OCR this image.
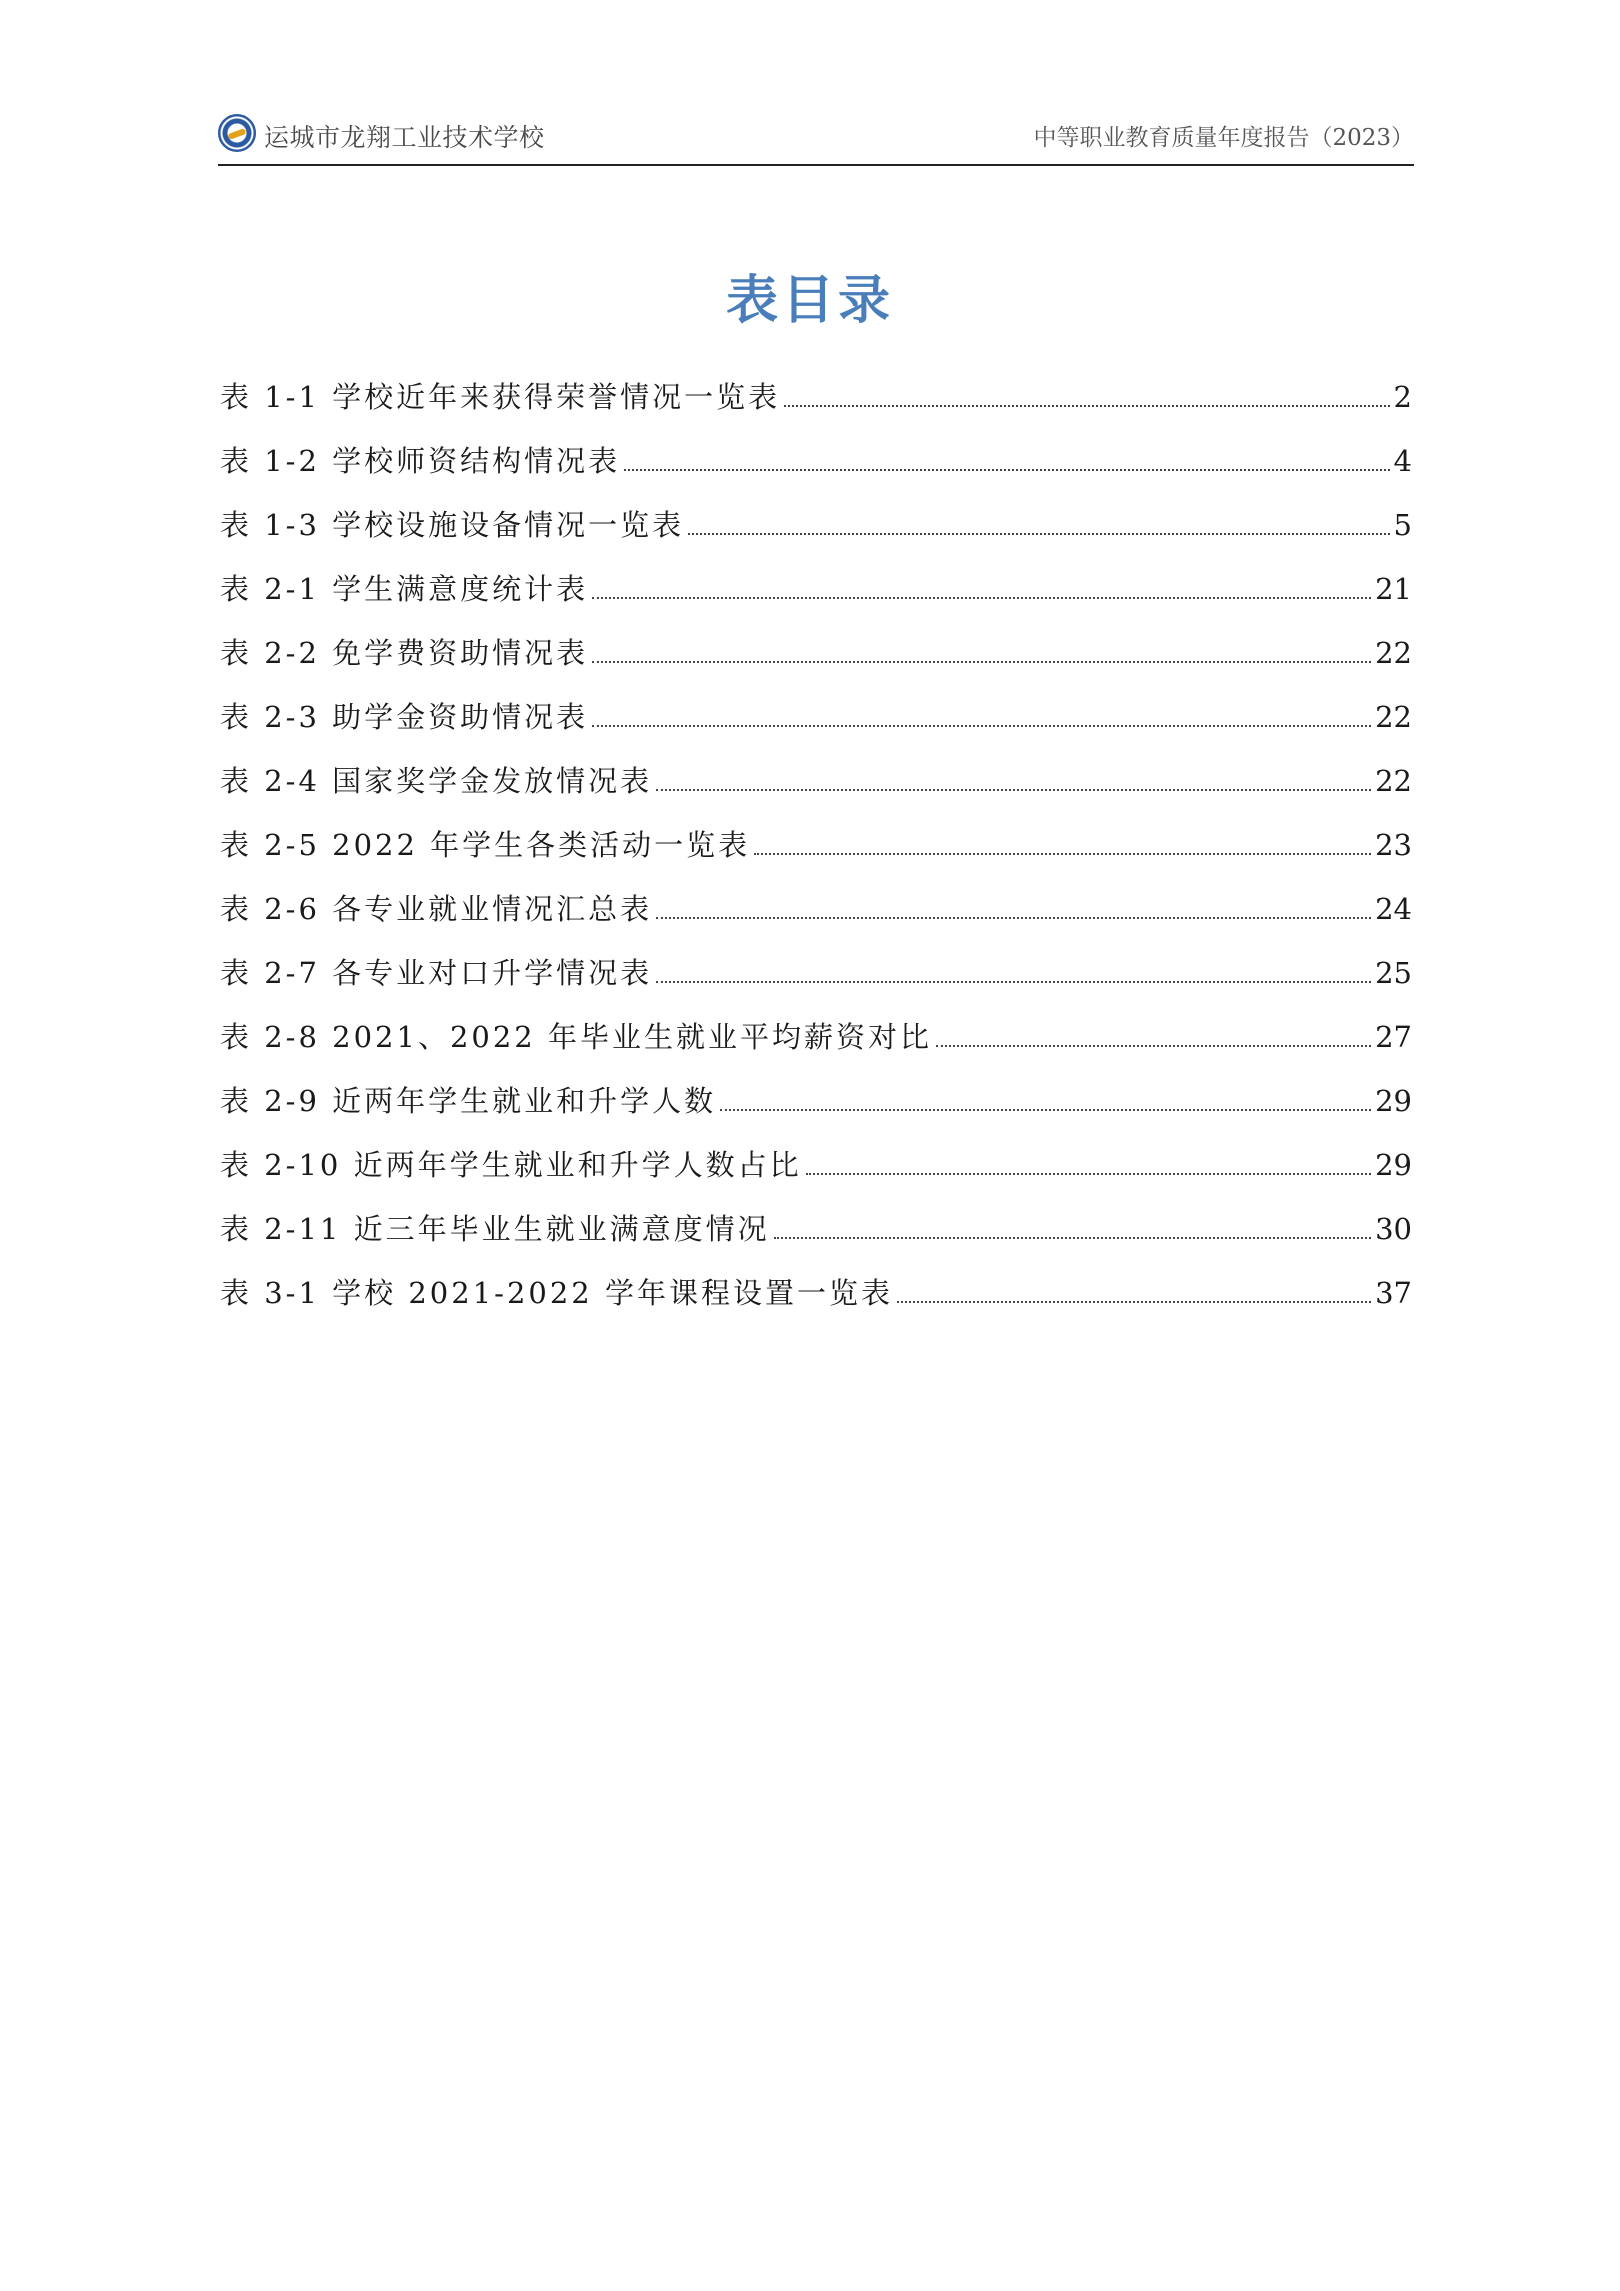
运城市龙翔工业技术学校	中等职业教育质量年度报告（2023）
表目录
表 1-1 学校近年来获得荣誉情况一览表	2
表 1-2 学校师资结构情况表	4
表 1-3 学校设施设备情况一览表	5
表 2-1 学生满意度统计表	21
表 2-2 免学费资助情况表	22
表 2-3 助学金资助情况表	22
表 2-4 国家奖学金发放情况表	22
表 2-5 2022 年学生各类活动一览表	23
表 2-6 各专业就业情况汇总表	24
表 2-7 各专业对口升学情况表	25
表 2-8 2021、2022 年毕业生就业平均薪资对比	27
表 2-9 近两年学生就业和升学人数	29
表 2-10 近两年学生就业和升学人数占比	29
表 2-11 近三年毕业生就业满意度情况	30
表 3-1 学校 2021-2022 学年课程设置一览表	37
